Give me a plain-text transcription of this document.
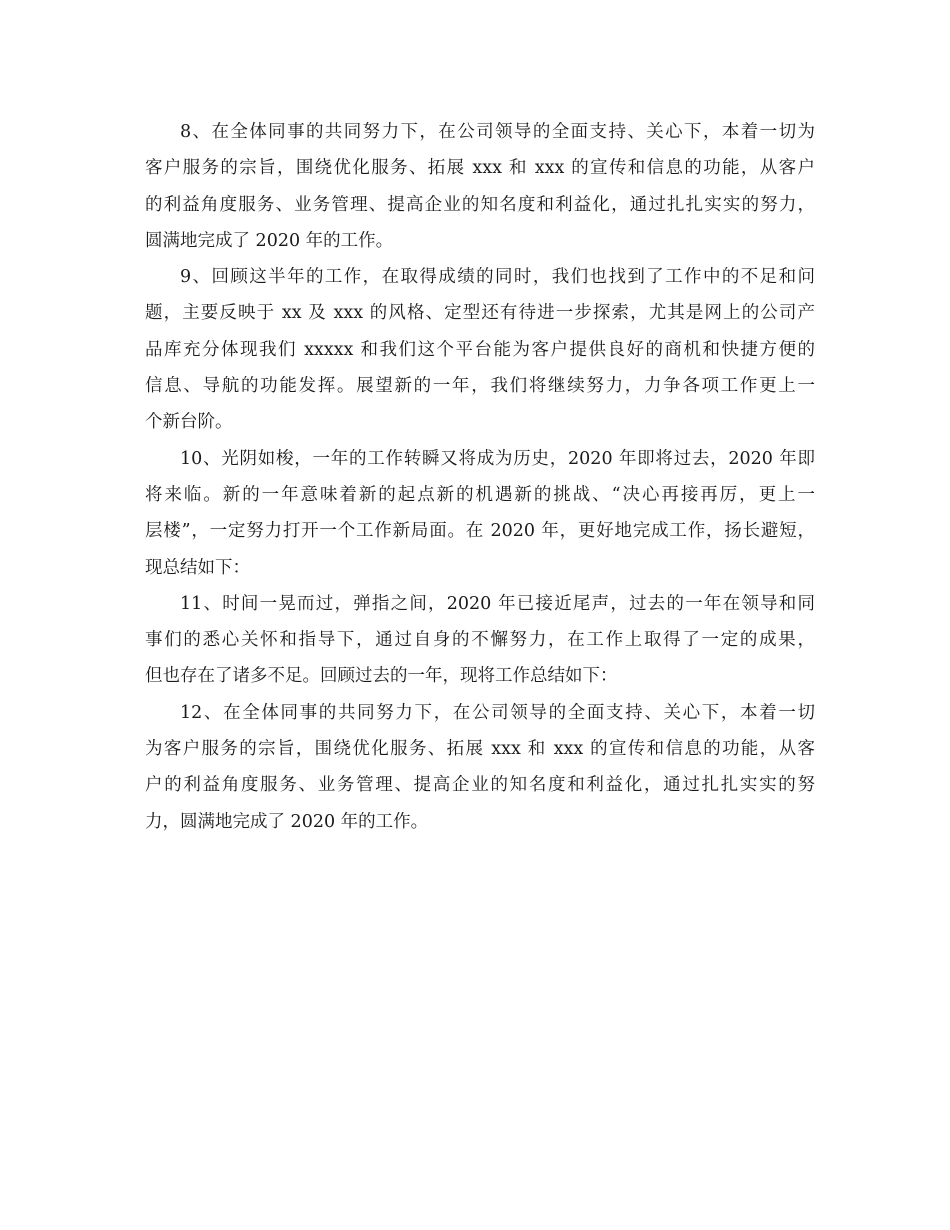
8、在全体同事的共同努力下，在公司领导的全面支持、关心下，本着一切为
客户服务的宗旨，围绕优化服务、拓展 xxx 和 xxx 的宣传和信息的功能，从客户
的利益角度服务、业务管理、提高企业的知名度和利益化，通过扎扎实实的努力，
圆满地完成了 2020 年的工作。
9、回顾这半年的工作，在取得成绩的同时，我们也找到了工作中的不足和问
题，主要反映于 xx 及 xxx 的风格、定型还有待进一步探索，尤其是网上的公司产
品库充分体现我们 xxxxx 和我们这个平台能为客户提供良好的商机和快捷方便的
信息、导航的功能发挥。展望新的一年，我们将继续努力，力争各项工作更上一
个新台阶。
10、光阴如梭，一年的工作转瞬又将成为历史，2020 年即将过去，2020 年即
将来临。新的一年意味着新的起点新的机遇新的挑战、“决心再接再厉，更上一
层楼”，一定努力打开一个工作新局面。在 2020 年，更好地完成工作，扬长避短，
现总结如下：
11、时间一晃而过，弹指之间，2020 年已接近尾声，过去的一年在领导和同
事们的悉心关怀和指导下，通过自身的不懈努力，在工作上取得了一定的成果，
但也存在了诸多不足。回顾过去的一年，现将工作总结如下：
12、在全体同事的共同努力下，在公司领导的全面支持、关心下，本着一切
为客户服务的宗旨，围绕优化服务、拓展 xxx 和 xxx 的宣传和信息的功能，从客
户的利益角度服务、业务管理、提高企业的知名度和利益化，通过扎扎实实的努
力，圆满地完成了 2020 年的工作。
